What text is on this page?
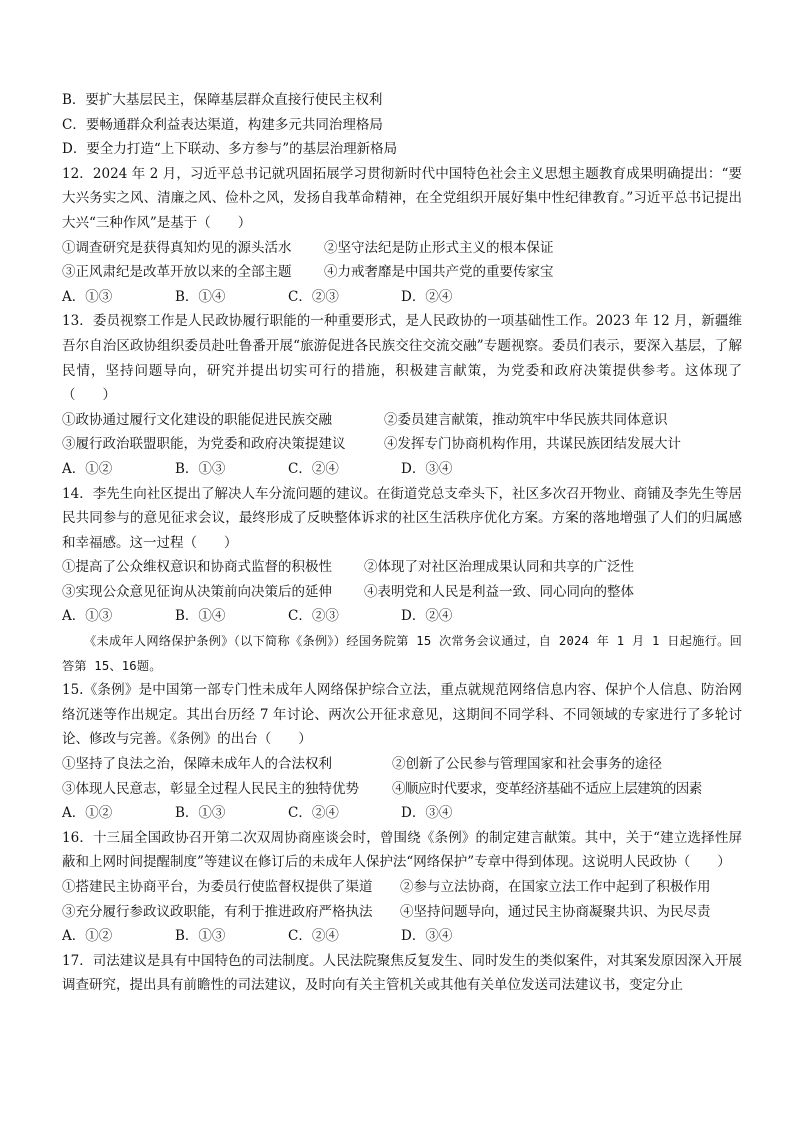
B．要扩大基层民主，保障基层群众直接行使民主权利
C．要畅通群众利益表达渠道，构建多元共同治理格局
D．要全力打造“上下联动、多方参与”的基层治理新格局
12．2024 年 2 月，习近平总书记就巩固拓展学习贯彻新时代中国特色社会主义思想主题教育成果明确提出：“要大兴务实之风、清廉之风、俭朴之风，发扬自我革命精神，在全党组织开展好集中性纪律教育。”习近平总书记提出大兴“三种作风”是基于（　　）
①调查研究是获得真知灼见的源头活水	②坚守法纪是防止形式主义的根本保证
③正风肃纪是改革开放以来的全部主题	④力戒奢靡是中国共产党的重要传家宝
A．①③	B．①④	C．②③	D．②④
13．委员视察工作是人民政协履行职能的一种重要形式，是人民政协的一项基础性工作。2023 年 12 月，新疆维吾尔自治区政协组织委员赴吐鲁番开展“旅游促进各民族交往交流交融”专题视察。委员们表示，要深入基层，了解民情，坚持问题导向，研究并提出切实可行的措施，积极建言献策，为党委和政府决策提供参考。这体现了（　　）
①政协通过履行文化建设的职能促进民族交融	②委员建言献策，推动筑牢中华民族共同体意识
③履行政治联盟职能，为党委和政府决策提建议	④发挥专门协商机构作用，共谋民族团结发展大计
A．①②	B．①③	C．②④	D．③④
14．李先生向社区提出了解决人车分流问题的建议。在街道党总支牵头下，社区多次召开物业、商铺及李先生等居民共同参与的意见征求会议，最终形成了反映整体诉求的社区生活秩序优化方案。方案的落地增强了人们的归属感和幸福感。这一过程（　　）
①提高了公众维权意识和协商式监督的积极性	②体现了对社区治理成果认同和共享的广泛性
③实现公众意见征询从决策前向决策后的延伸	④表明党和人民是利益一致、同心同向的整体
A．①③	B．①④	C．②③	D．②④
《未成年人网络保护条例》（以下简称《条例》）经国务院第 15 次常务会议通过，自 2024 年 1 月 1 日起施行。回答第 15、16题。
15.《条例》是中国第一部专门性未成年人网络保护综合立法，重点就规范网络信息内容、保护个人信息、防治网络沉迷等作出规定。其出台历经 7 年讨论、两次公开征求意见，这期间不同学科、不同领域的专家进行了多轮讨论、修改与完善。《条例》的出台（　　）
①坚持了良法之治，保障未成年人的合法权利	②创新了公民参与管理国家和社会事务的途径
③体现人民意志，彰显全过程人民民主的独特优势	④顺应时代要求，变革经济基础不适应上层建筑的因素
A．①②	B．①③	C．②④	D．③④
16．十三届全国政协召开第二次双周协商座谈会时，曾围绕《条例》的制定建言献策。其中，关于“建立选择性屏蔽和上网时间提醒制度”等建议在修订后的未成年人保护法“网络保护”专章中得到体现。这说明人民政协（　　）
①搭建民主协商平台，为委员行使监督权提供了渠道	②参与立法协商，在国家立法工作中起到了积极作用
③充分履行参政议政职能，有利于推进政府严格执法	④坚持问题导向，通过民主协商凝聚共识、为民尽责
A．①②	B．①③	C．②④	D．③④
17．司法建议是具有中国特色的司法制度。人民法院聚焦反复发生、同时发生的类似案件，对其案发原因深入开展调查研究，提出具有前瞻性的司法建议，及时向有关主管机关或其他有关单位发送司法建议书，变定分止
